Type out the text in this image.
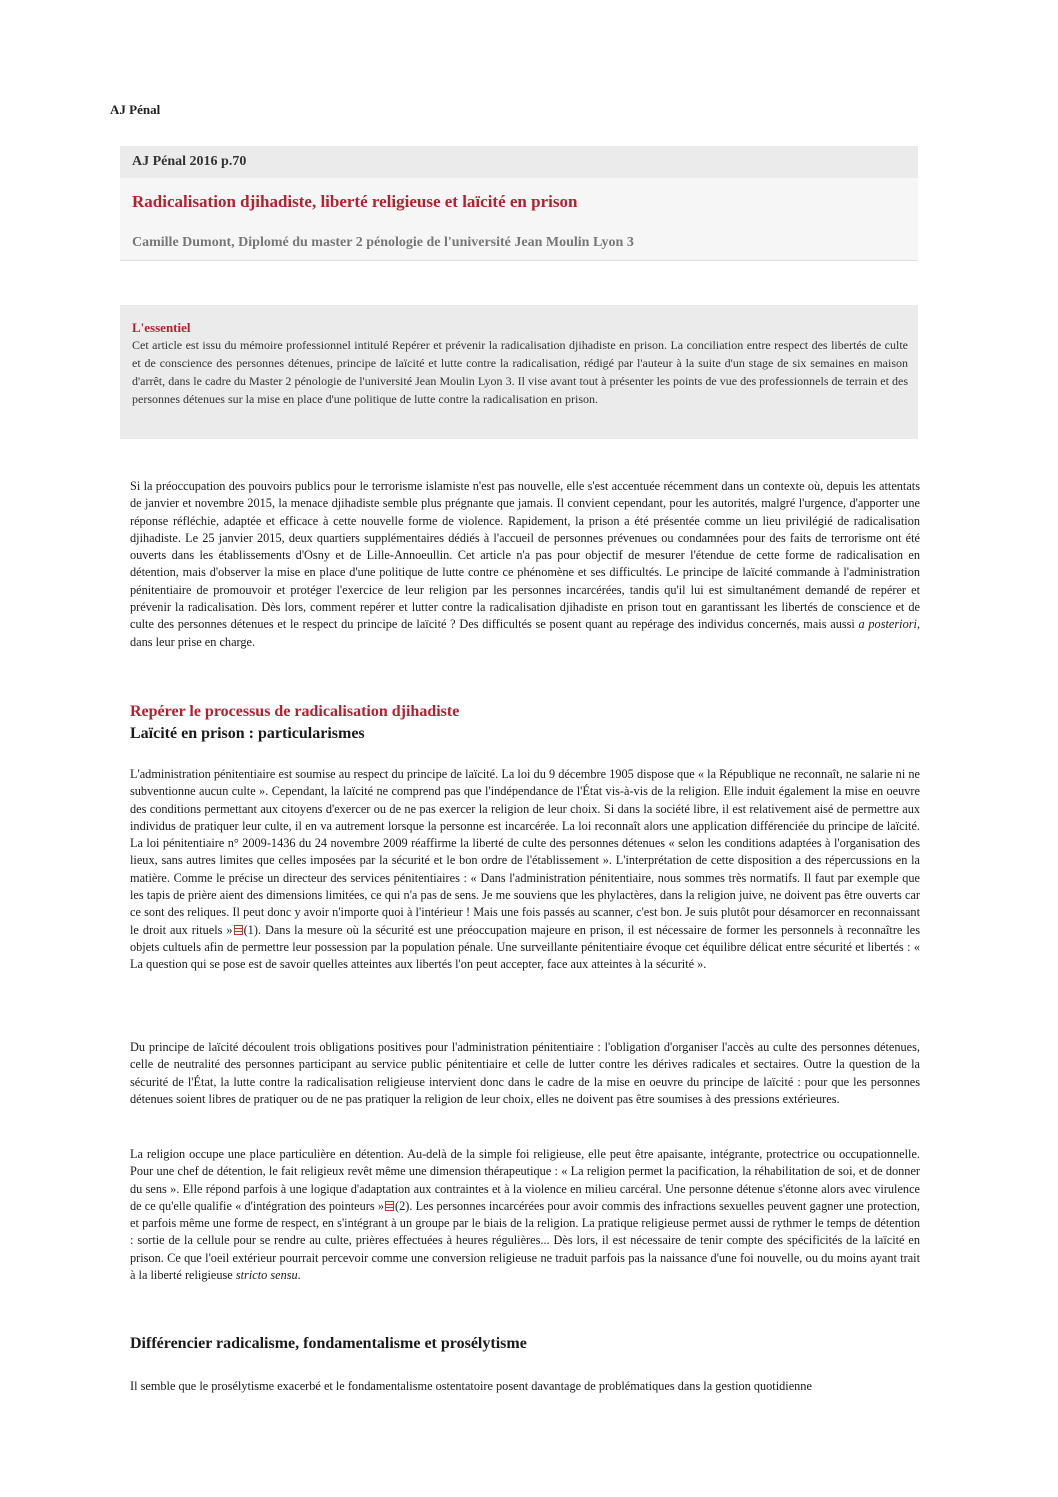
AJ Pénal
AJ Pénal 2016 p.70
Radicalisation djihadiste, liberté religieuse et laïcité en prison
Camille Dumont, Diplomé du master 2 pénologie de l'université Jean Moulin Lyon 3
L'essentiel
Cet article est issu du mémoire professionnel intitulé Repérer et prévenir la radicalisation djihadiste en prison. La conciliation entre respect des libertés de culte et de conscience des personnes détenues, principe de laïcité et lutte contre la radicalisation, rédigé par l'auteur à la suite d'un stage de six semaines en maison d'arrêt, dans le cadre du Master 2 pénologie de l'université Jean Moulin Lyon 3. Il vise avant tout à présenter les points de vue des professionnels de terrain et des personnes détenues sur la mise en place d'une politique de lutte contre la radicalisation en prison.

Si la préoccupation des pouvoirs publics pour le terrorisme islamiste n'est pas nouvelle, elle s'est accentuée récemment dans un contexte où, depuis les attentats de janvier et novembre 2015, la menace djihadiste semble plus prégnante que jamais. Il convient cependant, pour les autorités, malgré l'urgence, d'apporter une réponse réfléchie, adaptée et efficace à cette nouvelle forme de violence. Rapidement, la prison a été présentée comme un lieu privilégié de radicalisation djihadiste. Le 25 janvier 2015, deux quartiers supplémentaires dédiés à l'accueil de personnes prévenues ou condamnées pour des faits de terrorisme ont été ouverts dans les établissements d'Osny et de Lille-Annoeullin. Cet article n'a pas pour objectif de mesurer l'étendue de cette forme de radicalisation en détention, mais d'observer la mise en place d'une politique de lutte contre ce phénomène et ses difficultés. Le principe de laïcité commande à l'administration pénitentiaire de promouvoir et protéger l'exercice de leur religion par les personnes incarcérées, tandis qu'il lui est simultanément demandé de repérer et prévenir la radicalisation. Dès lors, comment repérer et lutter contre la radicalisation djihadiste en prison tout en garantissant les libertés de conscience et de culte des personnes détenues et le respect du principe de laïcité ? Des difficultés se posent quant au repérage des individus concernés, mais aussi a posteriori, dans leur prise en charge.

Repérer le processus de radicalisation djihadiste
Laïcité en prison : particularismes

L'administration pénitentiaire est soumise au respect du principe de laïcité. La loi du 9 décembre 1905 dispose que « la République ne reconnaît, ne salarie ni ne subventionne aucun culte ». Cependant, la laïcité ne comprend pas que l'indépendance de l'État vis-à-vis de la religion. Elle induit également la mise en oeuvre des conditions permettant aux citoyens d'exercer ou de ne pas exercer la religion de leur choix. Si dans la société libre, il est relativement aisé de permettre aux individus de pratiquer leur culte, il en va autrement lorsque la personne est incarcérée. La loi reconnaît alors une application différenciée du principe de laïcité. La loi pénitentiaire n° 2009-1436 du 24 novembre 2009 réaffirme la liberté de culte des personnes détenues « selon les conditions adaptées à l'organisation des lieux, sans autres limites que celles imposées par la sécurité et le bon ordre de l'établissement ». L'interprétation de cette disposition a des répercussions en la matière. Comme le précise un directeur des services pénitentiaires : « Dans l'administration pénitentiaire, nous sommes très normatifs. Il faut par exemple que les tapis de prière aient des dimensions limitées, ce qui n'a pas de sens. Je me souviens que les phylactères, dans la religion juive, ne doivent pas être ouverts car ce sont des reliques. Il peut donc y avoir n'importe quoi à l'intérieur ! Mais une fois passés au scanner, c'est bon. Je suis plutôt pour désamorcer en reconnaissant le droit aux rituels » (1). Dans la mesure où la sécurité est une préoccupation majeure en prison, il est nécessaire de former les personnels à reconnaître les objets cultuels afin de permettre leur possession par la population pénale. Une surveillante pénitentiaire évoque cet équilibre délicat entre sécurité et libertés : « La question qui se pose est de savoir quelles atteintes aux libertés l'on peut accepter, face aux atteintes à la sécurité ».

Du principe de laïcité découlent trois obligations positives pour l'administration pénitentiaire : l'obligation d'organiser l'accès au culte des personnes détenues, celle de neutralité des personnes participant au service public pénitentiaire et celle de lutter contre les dérives radicales et sectaires. Outre la question de la sécurité de l'État, la lutte contre la radicalisation religieuse intervient donc dans le cadre de la mise en oeuvre du principe de laïcité : pour que les personnes détenues soient libres de pratiquer ou de ne pas pratiquer la religion de leur choix, elles ne doivent pas être soumises à des pressions extérieures.

La religion occupe une place particulière en détention. Au-delà de la simple foi religieuse, elle peut être apaisante, intégrante, protectrice ou occupationnelle. Pour une chef de détention, le fait religieux revêt même une dimension thérapeutique : « La religion permet la pacification, la réhabilitation de soi, et de donner du sens ». Elle répond parfois à une logique d'adaptation aux contraintes et à la violence en milieu carcéral. Une personne détenue s'étonne alors avec virulence de ce qu'elle qualifie « d'intégration des pointeurs » (2). Les personnes incarcérées pour avoir commis des infractions sexuelles peuvent gagner une protection, et parfois même une forme de respect, en s'intégrant à un groupe par le biais de la religion. La pratique religieuse permet aussi de rythmer le temps de détention : sortie de la cellule pour se rendre au culte, prières effectuées à heures régulières... Dès lors, il est nécessaire de tenir compte des spécificités de la laïcité en prison. Ce que l'oeil extérieur pourrait percevoir comme une conversion religieuse ne traduit parfois pas la naissance d'une foi nouvelle, ou du moins ayant trait à la liberté religieuse stricto sensu.

Différencier radicalisme, fondamentalisme et prosélytisme

Il semble que le prosélytisme exacerbé et le fondamentalisme ostentatoire posent davantage de problématiques dans la gestion quotidienne
